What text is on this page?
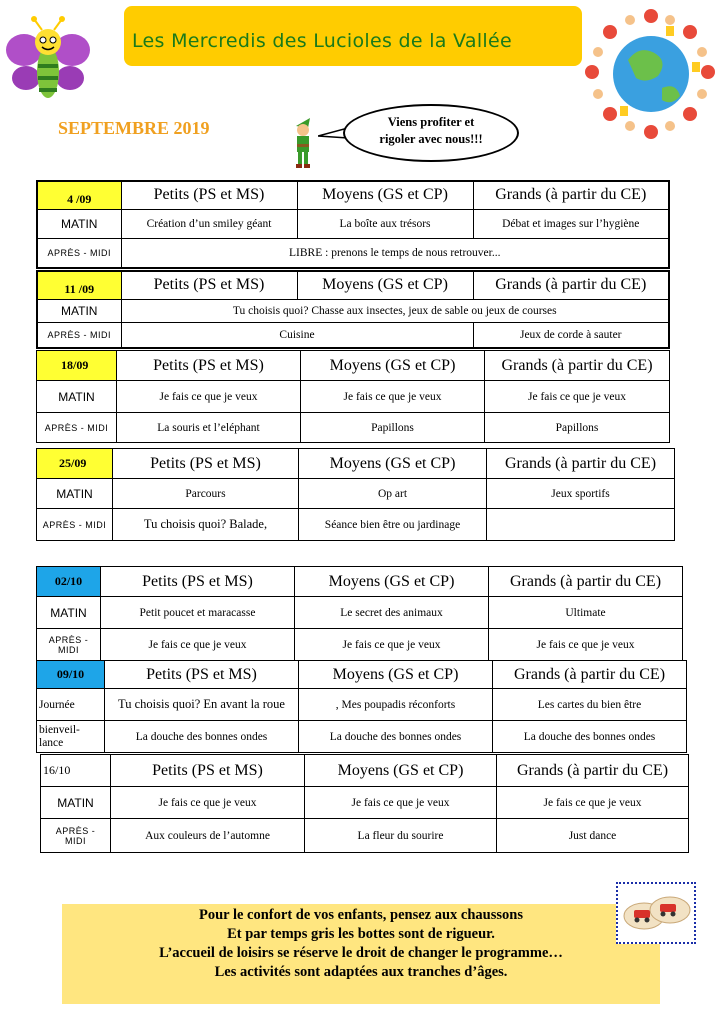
Les Mercredis des Lucioles de la Vallée
SEPTEMBRE 2019	Viens profiter et
rigoler avec nous!!!
4 /09	Petits (PS et MS)	Moyens (GS et CP)	Grands (à partir du CE)
MATIN	Création d’un smiley géant	La boîte aux trésors	Débat et images sur l’hygiène
APRÈS - MIDI	LIBRE : prenons le temps de nous retrouver...		
11 /09	Petits (PS et MS)	Moyens (GS et CP)	Grands (à partir du CE)
MATIN	Tu choisis quoi? Chasse aux insectes, jeux de sable ou jeux de courses		
APRÈS - MIDI	Cuisine		Jeux de corde à sauter
18/09	Petits (PS et MS)	Moyens (GS et CP)	Grands (à partir du CE)
MATIN	Je fais ce que je veux	Je fais ce que je veux	Je fais ce que je veux
APRÈS - MIDI	La souris et l’eléphant	Papillons	Papillons
25/09	Petits (PS et MS)	Moyens (GS et CP)	Grands (à partir du CE)
MATIN	Parcours	Op art	Jeux sportifs
APRÈS - MIDI	Tu choisis quoi? Balade,	Séance bien être ou jardinage	
02/10	Petits (PS et MS)	Moyens (GS et CP)	Grands (à partir du CE)
MATIN	Petit poucet et maracasse	Le secret des animaux	Ultimate
APRÈS -
MIDI	Je fais ce que je veux	Je fais ce que je veux	Je fais ce que je veux
09/10	Petits (PS et MS)	Moyens (GS et CP)	Grands (à partir du CE)
Journée	Tu choisis quoi? En avant la roue	, Mes poupadis réconforts	Les cartes du bien être
bienveil-
lance	La douche des bonnes ondes	La douche des bonnes ondes	La douche des bonnes ondes
16/10	Petits (PS et MS)	Moyens (GS et CP)	Grands (à partir du CE)
MATIN	Je fais ce que je veux	Je fais ce que je veux	Je fais ce que je veux
APRÈS -
MIDI	Aux couleurs de l’automne	La fleur du sourire	Just dance
Pour le confort de vos enfants, pensez aux chaussons
Et par temps gris les bottes sont de rigueur.
L’accueil de loisirs se réserve le droit de changer le programme…
Les activités sont adaptées aux tranches d’âges.
